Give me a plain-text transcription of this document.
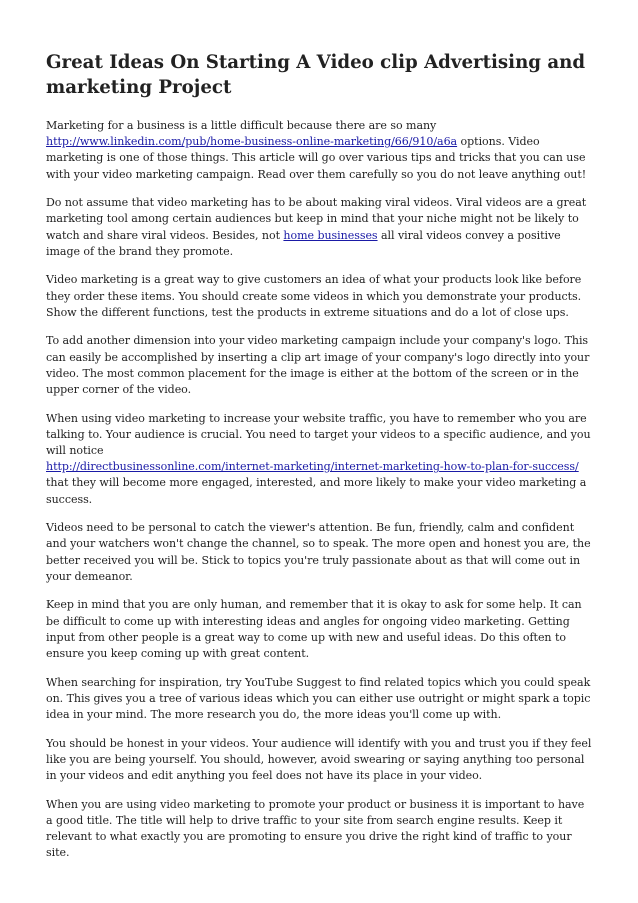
Great Ideas On Starting A Video clip Advertising and marketing Project

Marketing for a business is a little difficult because there are so many
http://www.linkedin.com/pub/home-business-online-marketing/66/910/a6a options. Video marketing is one of those things. This article will go over various tips and tricks that you can use with your video marketing campaign. Read over them carefully so you do not leave anything out!

Do not assume that video marketing has to be about making viral videos. Viral videos are a great marketing tool among certain audiences but keep in mind that your niche might not be likely to watch and share viral videos. Besides, not home businesses all viral videos convey a positive image of the brand they promote.

Video marketing is a great way to give customers an idea of what your products look like before they order these items. You should create some videos in which you demonstrate your products. Show the different functions, test the products in extreme situations and do a lot of close ups.

To add another dimension into your video marketing campaign include your company's logo. This can easily be accomplished by inserting a clip art image of your company's logo directly into your video. The most common placement for the image is either at the bottom of the screen or in the upper corner of the video.

When using video marketing to increase your website traffic, you have to remember who you are talking to. Your audience is crucial. You need to target your videos to a specific audience, and you will notice
http://directbusinessonline.com/internet-marketing/internet-marketing-how-to-plan-for-success/ that they will become more engaged, interested, and more likely to make your video marketing a success.

Videos need to be personal to catch the viewer's attention. Be fun, friendly, calm and confident and your watchers won't change the channel, so to speak. The more open and honest you are, the better received you will be. Stick to topics you're truly passionate about as that will come out in your demeanor.

Keep in mind that you are only human, and remember that it is okay to ask for some help. It can be difficult to come up with interesting ideas and angles for ongoing video marketing. Getting input from other people is a great way to come up with new and useful ideas. Do this often to ensure you keep coming up with great content.

When searching for inspiration, try YouTube Suggest to find related topics which you could speak on. This gives you a tree of various ideas which you can either use outright or might spark a topic idea in your mind. The more research you do, the more ideas you'll come up with.

You should be honest in your videos. Your audience will identify with you and trust you if they feel like you are being yourself. You should, however, avoid swearing or saying anything too personal in your videos and edit anything you feel does not have its place in your video.

When you are using video marketing to promote your product or business it is important to have a good title. The title will help to drive traffic to your site from search engine results. Keep it relevant to what exactly you are promoting to ensure you drive the right kind of traffic to your site.
